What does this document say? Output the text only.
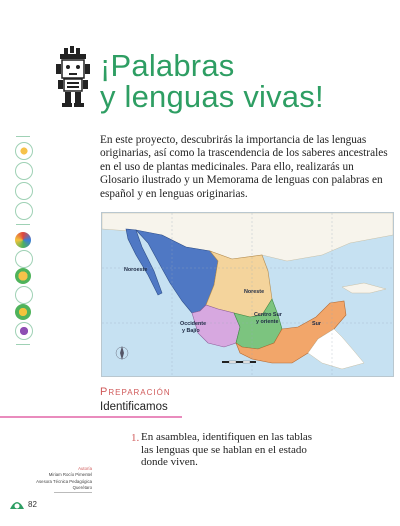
¡Palabras
y lenguas vivas!
En este proyecto, descubrirás la importancia de las lenguas originarias, así como la trascendencia de los saberes ancestrales en el uso de plantas medicinales. Para ello, realizarás un Glosario ilustrado y un Memorama de lenguas con palabras en español y en lenguas originarias.
Noroeste
Noreste
Centro Sur
y oriente	Sur
Occidente
y Bajío
Preparación
Identificamos
1. En asamblea, identifiquen en las tablas las lenguas que se hablan en el estado donde viven.
Autoría
Miriam Rocío Pimentel
Asesora Técnica Pedagógica
Querétaro
82
